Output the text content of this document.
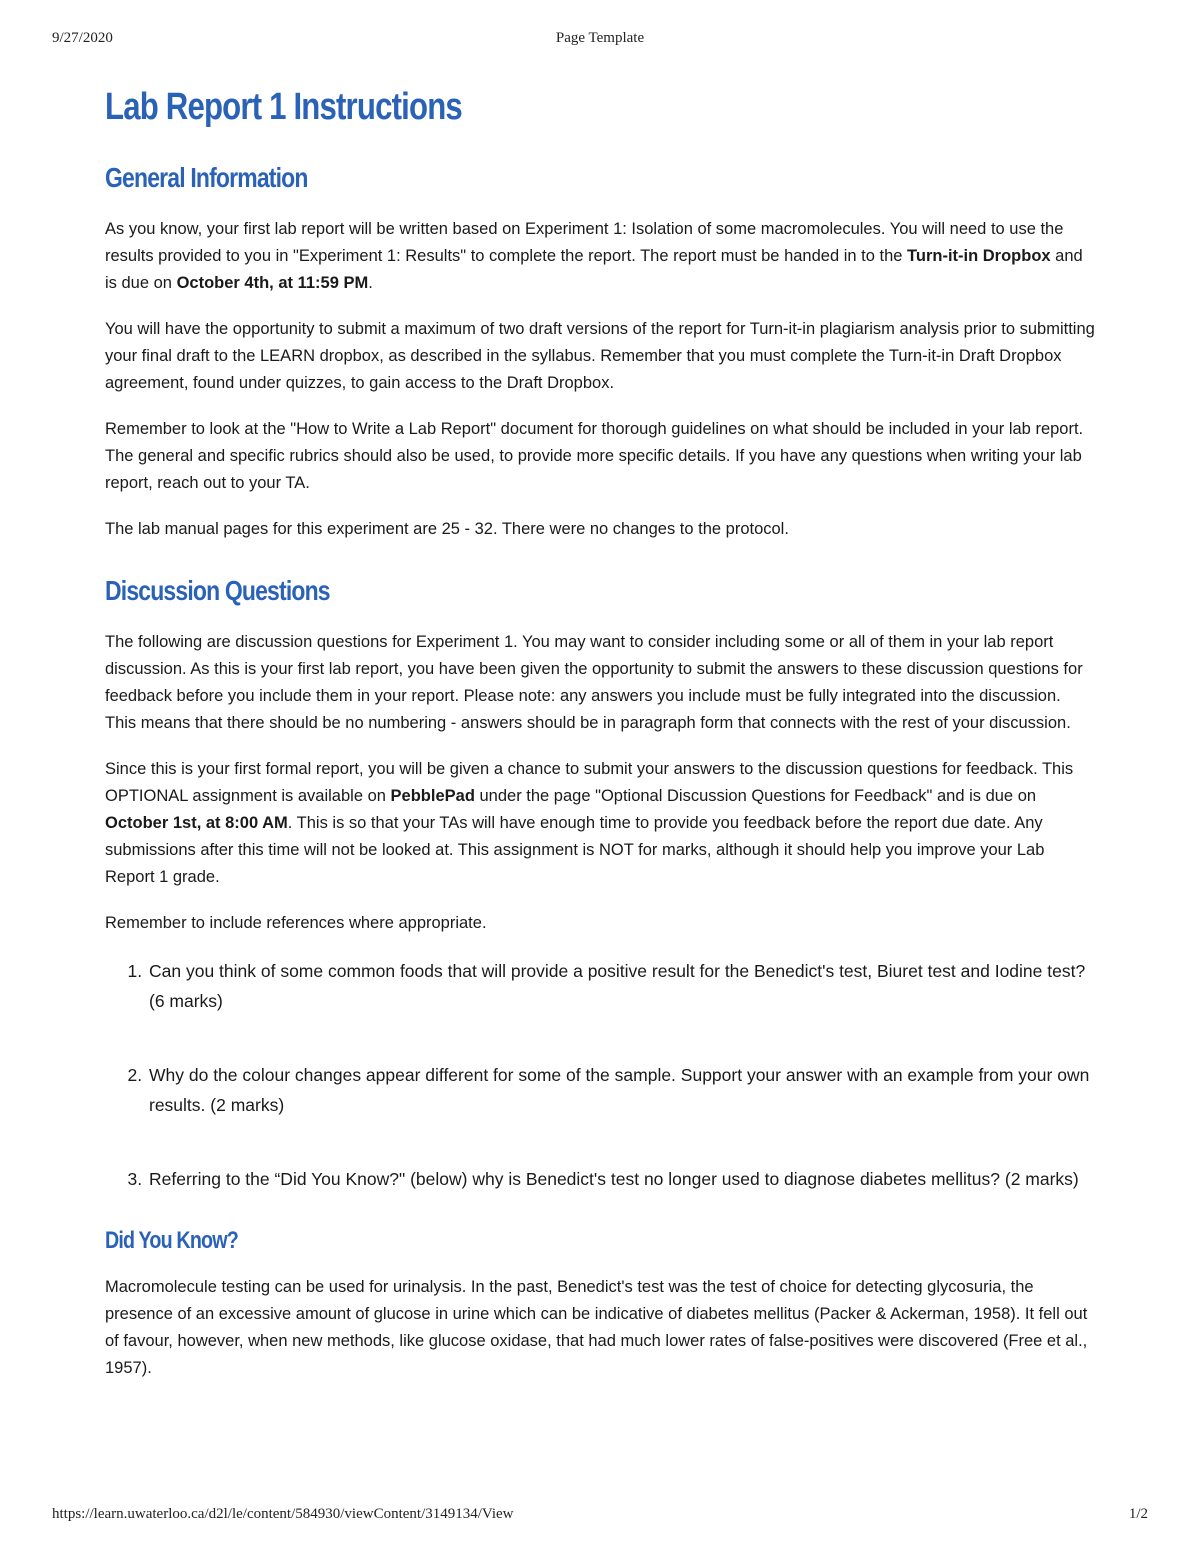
9/27/2020	Page Template
Lab Report 1 Instructions
General Information

As you know, your first lab report will be written based on Experiment 1: Isolation of some macromolecules. You will need to use the results provided to you in "Experiment 1: Results" to complete the report. The report must be handed in to the Turn-it-in Dropbox and is due on October 4th, at 11:59 PM.

You will have the opportunity to submit a maximum of two draft versions of the report for Turn-it-in plagiarism analysis prior to submitting your final draft to the LEARN dropbox, as described in the syllabus. Remember that you must complete the Turn-it-in Draft Dropbox agreement, found under quizzes, to gain access to the Draft Dropbox.

Remember to look at the "How to Write a Lab Report" document for thorough guidelines on what should be included in your lab report. The general and specific rubrics should also be used, to provide more specific details. If you have any questions when writing your lab report, reach out to your TA.

The lab manual pages for this experiment are 25 - 32. There were no changes to the protocol.

Discussion Questions

The following are discussion questions for Experiment 1. You may want to consider including some or all of them in your lab report discussion. As this is your first lab report, you have been given the opportunity to submit the answers to these discussion questions for feedback before you include them in your report. Please note: any answers you include must be fully integrated into the discussion. This means that there should be no numbering - answers should be in paragraph form that connects with the rest of your discussion.

Since this is your first formal report, you will be given a chance to submit your answers to the discussion questions for feedback. This OPTIONAL assignment is available on PebblePad under the page "Optional Discussion Questions for Feedback" and is due on October 1st, at 8:00 AM. This is so that your TAs will have enough time to provide you feedback before the report due date. Any submissions after this time will not be looked at. This assignment is NOT for marks, although it should help you improve your Lab Report 1 grade.

Remember to include references where appropriate.

1. Can you think of some common foods that will provide a positive result for the Benedict's test, Biuret test and Iodine test? (6 marks)
2. Why do the colour changes appear different for some of the sample. Support your answer with an example from your own results. (2 marks)
3. Referring to the “Did You Know?" (below) why is Benedict's test no longer used to diagnose diabetes mellitus? (2 marks)
Did You Know?

Macromolecule testing can be used for urinalysis. In the past, Benedict's test was the test of choice for detecting glycosuria, the presence of an excessive amount of glucose in urine which can be indicative of diabetes mellitus (Packer & Ackerman, 1958). It fell out of favour, however, when new methods, like glucose oxidase, that had much lower rates of false-positives were discovered (Free et al., 1957).

https://learn.uwaterloo.ca/d2l/le/content/584930/viewContent/3149134/View	1/2
